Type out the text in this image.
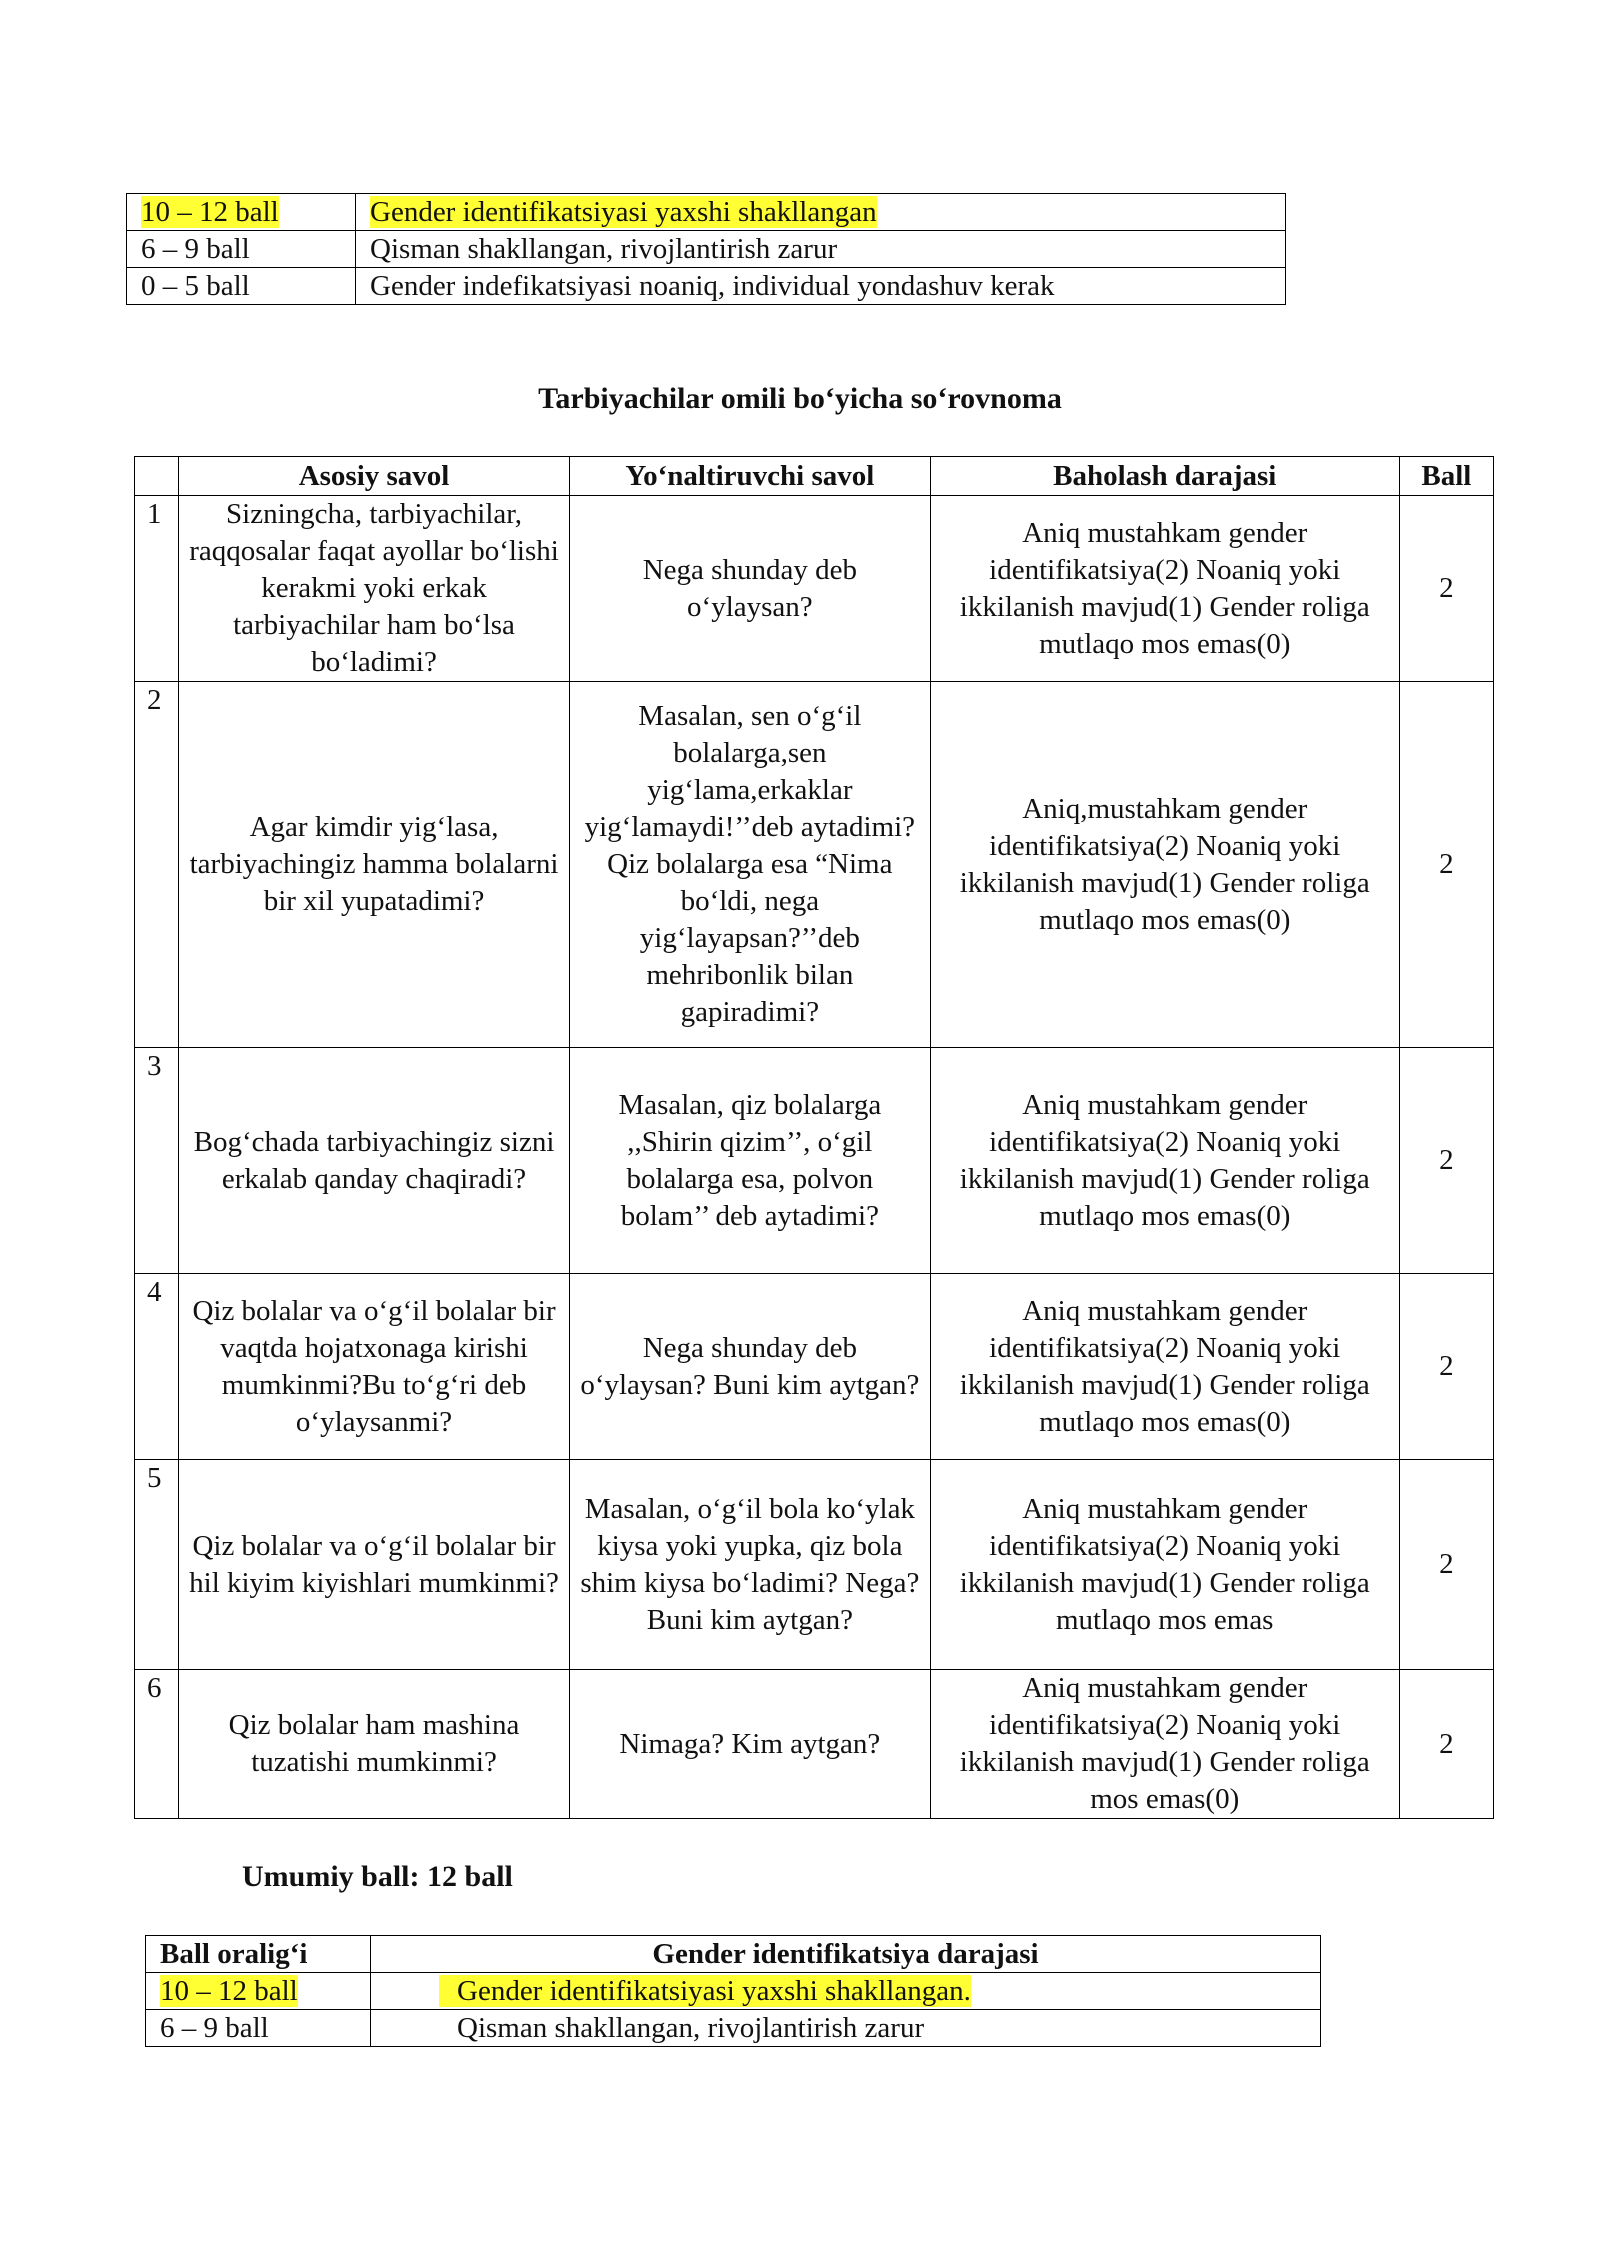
10 – 12 ball	Gender identifikatsiyasi yaxshi shakllangan
6 – 9 ball	Qisman shakllangan, rivojlantirish zarur
0 – 5 ball	Gender indefikatsiyasi noaniq, individual yondashuv kerak
Tarbiyachilar omili bo‘yicha so‘rovnoma
	Asosiy savol	Yo‘naltiruvchi savol	Baholash darajasi	Ball
1	Sizningcha, tarbiyachilar, raqqosalar faqat ayollar bo‘lishi kerakmi yoki erkak tarbiyachilar ham bo‘lsa bo‘ladimi?	Nega shunday deb o‘ylaysan?	Aniq mustahkam gender identifikatsiya(2) Noaniq yoki ikkilanish mavjud(1) Gender roliga mutlaqo mos emas(0)	2
2	Agar kimdir yig‘lasa, tarbiyachingiz hamma bolalarni bir xil yupatadimi?	Masalan, sen o‘g‘il bolalarga,sen yig‘lama,erkaklar yig‘lamaydi!’’deb aytadimi? Qiz bolalarga esa “Nima bo‘ldi, nega yig‘layapsan?’’deb mehribonlik bilan gapiradimi?	Aniq,mustahkam gender identifikatsiya(2) Noaniq yoki ikkilanish mavjud(1) Gender roliga mutlaqo mos emas(0)	2
3	Bog‘chada tarbiyachingiz sizni erkalab qanday chaqiradi?	Masalan, qiz bolalarga ,,Shirin qizim’’, o‘gil bolalarga esa, polvon bolam’’ deb aytadimi?	Aniq mustahkam gender identifikatsiya(2) Noaniq yoki ikkilanish mavjud(1) Gender roliga mutlaqo mos emas(0)	2
4	Qiz bolalar va o‘g‘il bolalar bir vaqtda hojatxonaga kirishi mumkinmi?Bu to‘g‘ri deb o‘ylaysanmi?	Nega shunday deb o‘ylaysan? Buni kim aytgan?	Aniq mustahkam gender identifikatsiya(2) Noaniq yoki ikkilanish mavjud(1) Gender roliga mutlaqo mos emas(0)	2
5	Qiz bolalar va o‘g‘il bolalar bir hil kiyim kiyishlari mumkinmi?	Masalan, o‘g‘il bola ko‘ylak kiysa yoki yupka, qiz bola shim kiysa bo‘ladimi? Nega? Buni kim aytgan?	Aniq mustahkam gender identifikatsiya(2) Noaniq yoki ikkilanish mavjud(1) Gender roliga mutlaqo mos emas	2
6	Qiz bolalar ham mashina tuzatishi mumkinmi?	Nimaga? Kim aytgan?	Aniq mustahkam gender identifikatsiya(2) Noaniq yoki ikkilanish mavjud(1) Gender roliga mos emas(0)	2
Umumiy ball: 12 ball
Ball oralig‘i	Gender identifikatsiya darajasi
10 – 12 ball	Gender identifikatsiyasi yaxshi shakllangan.
6 – 9 ball	Qisman shakllangan, rivojlantirish zarur
